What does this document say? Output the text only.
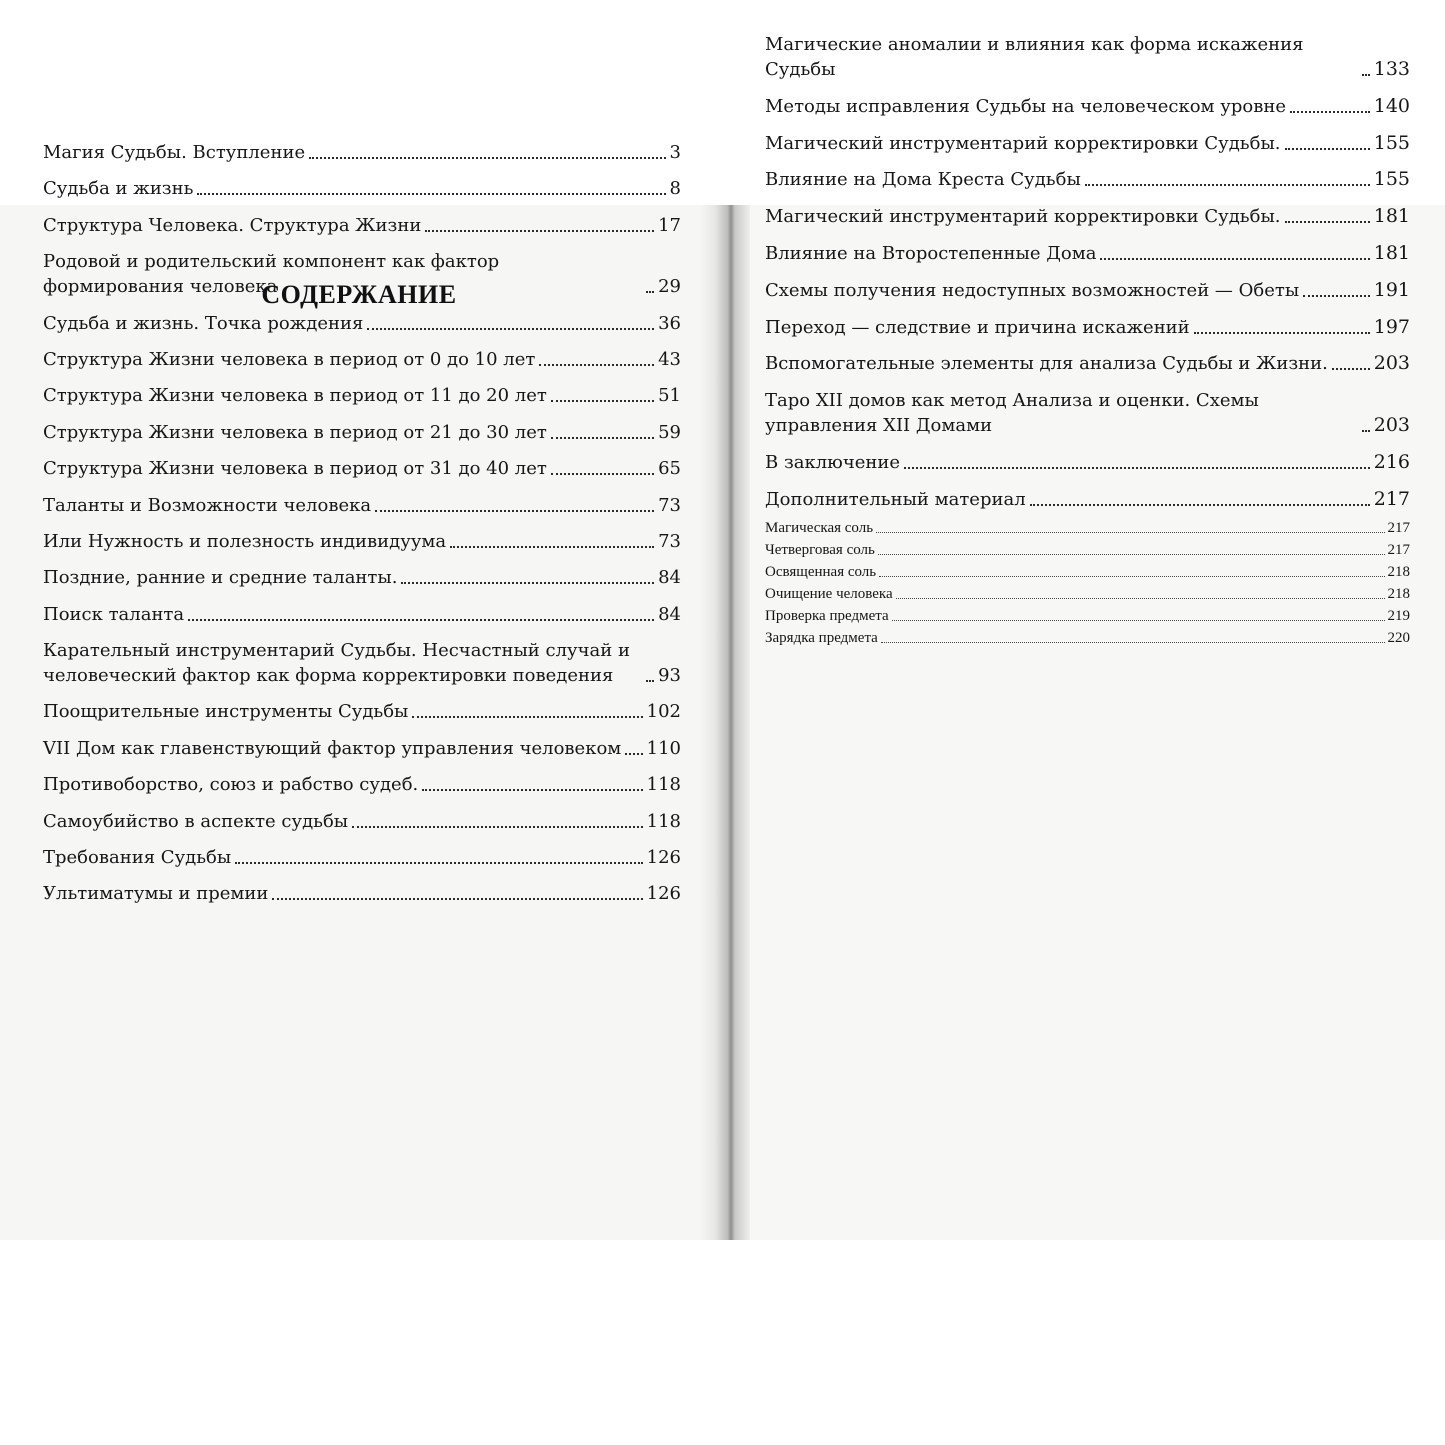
СОДЕРЖАНИЕ
Магия Судьбы. Вступление	3
Судьба и жизнь	8
Структура Человека. Структура Жизни	17
Родовой и родительский компонент как фактор формирования человека	29
Судьба и жизнь. Точка рождения	36
Структура Жизни человека в период от 0 до 10 лет	43
Структура Жизни человека в период от 11 до 20 лет	51
Структура Жизни человека в период от 21 до 30 лет	59
Структура Жизни человека в период от 31 до 40 лет	65
Таланты и Возможности человека	73
Или Нужность и полезность индивидуума	73
Поздние, ранние и средние таланты.	84
Поиск таланта	84
Карательный инструментарий Судьбы. Несчастный случай и человеческий фактор как форма корректировки поведения	93
Поощрительные инструменты Судьбы	102
VII Дом как главенствующий фактор управления человеком 110
Противоборство, союз и рабство судеб.	118
Самоубийство в аспекте судьбы	118
Требования Судьбы	126
Ультиматумы и премии	126
Магические аномалии и влияния как форма искажения Судьбы	133
Методы исправления Судьбы на человеческом уровне	140
Магический инструментарий корректировки Судьбы.	155
Влияние на Дома Креста Судьбы	155
Магический инструментарий корректировки Судьбы.	181
Влияние на Второстепенные Дома	181
Схемы получения недоступных возможностей — Обеты	191
Переход — следствие и причина искажений	197
Вспомогательные элементы для анализа Судьбы и Жизни. 203
Таро XII домов как метод Анализа и оценки. Схемы управления XII Домами	203
В заключение	216
Дополнительный материал	217
Магическая соль	217
Четверговая соль	217
Освященная соль	218
Очищение человека	218
Проверка предмета	219
Зарядка предмета	220
